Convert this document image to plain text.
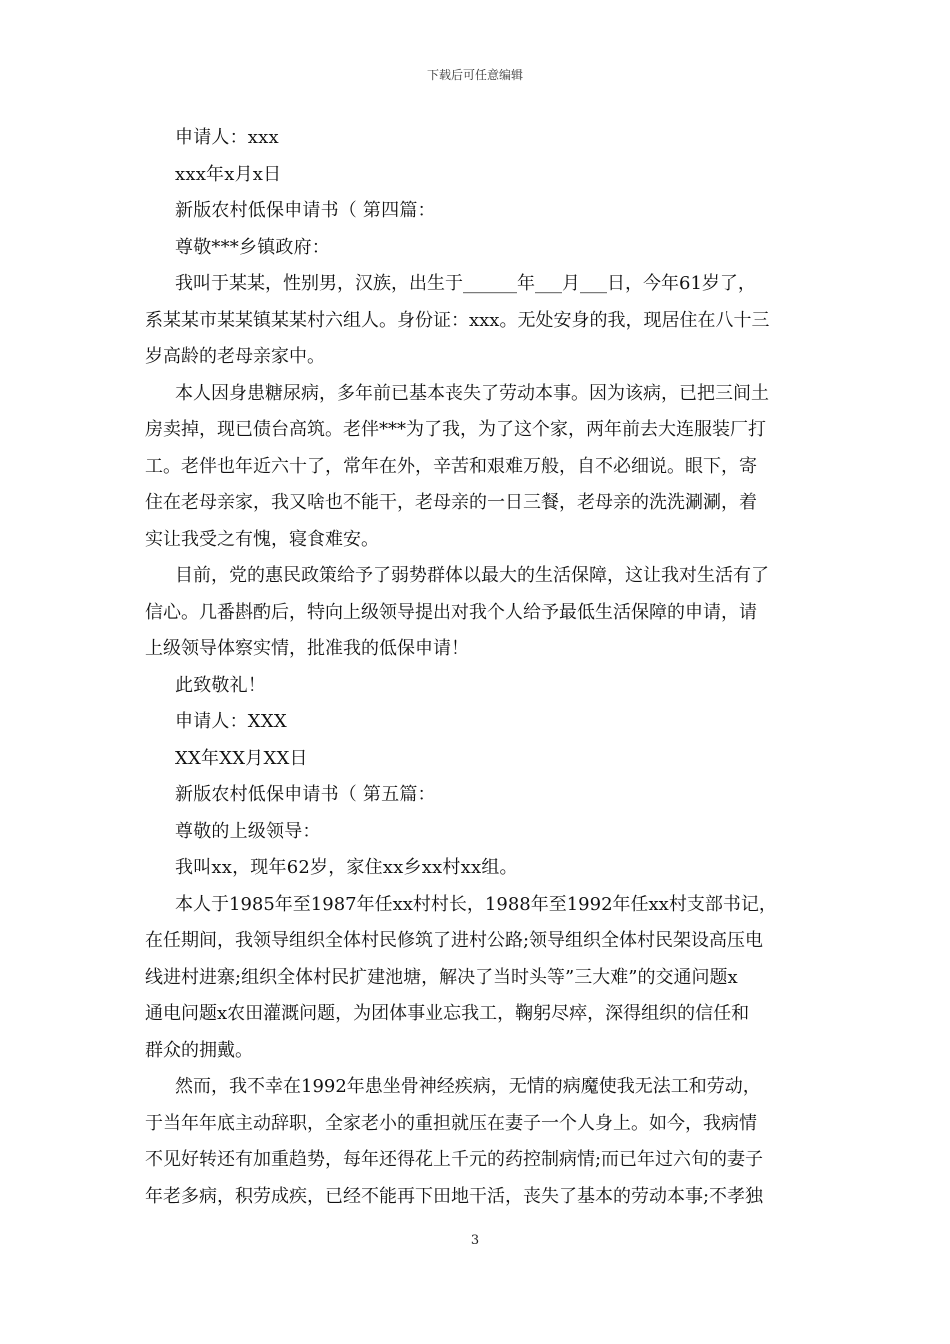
下载后可任意编辑
申请人：xxx
xxx年x月x日
新版农村低保申请书（ 第四篇：
尊敬***乡镇政府：
我叫于某某，性别男，汉族，出生于______年___月___日，今年61岁了，
系某某市某某镇某某村六组人。身份证：xxx。无处安身的我，现居住在八十三
岁高龄的老母亲家中。
本人因身患糖尿病，多年前已基本丧失了劳动本事。因为该病，已把三间土
房卖掉，现已债台高筑。老伴***为了我，为了这个家，两年前去大连服装厂打
工。老伴也年近六十了，常年在外，辛苦和艰难万般，自不必细说。眼下，寄
住在老母亲家，我又啥也不能干，老母亲的一日三餐，老母亲的洗洗涮涮，着
实让我受之有愧，寝食难安。
目前，党的惠民政策给予了弱势群体以最大的生活保障，这让我对生活有了
信心。几番斟酌后，特向上级领导提出对我个人给予最低生活保障的申请，请
上级领导体察实情，批准我的低保申请！
此致敬礼！
申请人：XXX
XX年XX月XX日
新版农村低保申请书（ 第五篇：
尊敬的上级领导：
我叫xx，现年62岁，家住xx乡xx村xx组。
本人于1985年至1987年任xx村村长，1988年至1992年任xx村支部书记，
在任期间，我领导组织全体村民修筑了进村公路;领导组织全体村民架设高压电
线进村进寨;组织全体村民扩建池塘，解决了当时头等”三大难”的交通问题x
通电问题x农田灌溉问题，为团体事业忘我工，鞠躬尽瘁，深得组织的信任和
群众的拥戴。
然而，我不幸在1992年患坐骨神经疾病，无情的病魔使我无法工和劳动，
于当年年底主动辞职，全家老小的重担就压在妻子一个人身上。如今，我病情
不见好转还有加重趋势，每年还得花上千元的药控制病情;而已年过六旬的妻子
年老多病，积劳成疾，已经不能再下田地干活，丧失了基本的劳动本事;不孝独
3
